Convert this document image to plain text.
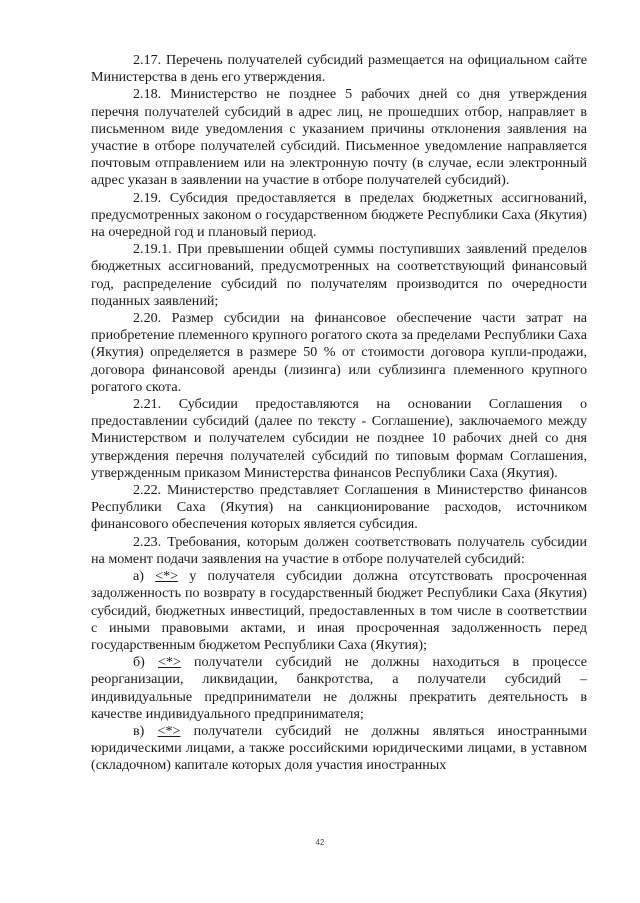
2.17. Перечень получателей субсидий размещается на официальном сайте Министерства в день его утверждения.

2.18. Министерство не позднее 5 рабочих дней со дня утверждения перечня получателей субсидий в адрес лиц, не прошедших отбор, направляет в письменном виде уведомления с указанием причины отклонения заявления на участие в отборе получателей субсидий. Письменное уведомление направляется почтовым отправлением или на электронную почту (в случае, если электронный адрес указан в заявлении на участие в отборе получателей субсидий).

2.19. Субсидия предоставляется в пределах бюджетных ассигнований, предусмотренных законом о государственном бюджете Республики Саха (Якутия) на очередной год и плановый период.

2.19.1. При превышении общей суммы поступивших заявлений пределов бюджетных ассигнований, предусмотренных на соответствующий финансовый год, распределение субсидий по получателям производится по очередности поданных заявлений;

2.20. Размер субсидии на финансовое обеспечение части затрат на приобретение племенного крупного рогатого скота за пределами Республики Саха (Якутия) определяется в размере 50 % от стоимости договора купли-продажи, договора финансовой аренды (лизинга) или сублизинга племенного крупного рогатого скота.

2.21. Субсидии предоставляются на основании Соглашения о предоставлении субсидий (далее по тексту - Соглашение), заключаемого между Министерством и получателем субсидии не позднее 10 рабочих дней со дня утверждения перечня получателей субсидий по типовым формам Соглашения, утвержденным приказом Министерства финансов Республики Саха (Якутия).

2.22. Министерство представляет Соглашения в Министерство финансов Республики Саха (Якутия) на санкционирование расходов, источником финансового обеспечения которых является субсидия.

2.23. Требования, которым должен соответствовать получатель субсидии на момент подачи заявления на участие в отборе получателей субсидий:

а) <*> у получателя субсидии должна отсутствовать просроченная задолженность по возврату в государственный бюджет Республики Саха (Якутия) субсидий, бюджетных инвестиций, предоставленных в том числе в соответствии с иными правовыми актами, и иная просроченная задолженность перед государственным бюджетом Республики Саха (Якутия);

б) <*> получатели субсидий не должны находиться в процессе реорганизации, ликвидации, банкротства, а получатели субсидий – индивидуальные предприниматели не должны прекратить деятельность в качестве индивидуального предпринимателя;

в) <*> получатели субсидий не должны являться иностранными юридическими лицами, а также российскими юридическими лицами, в уставном (складочном) капитале которых доля участия иностранных

42
